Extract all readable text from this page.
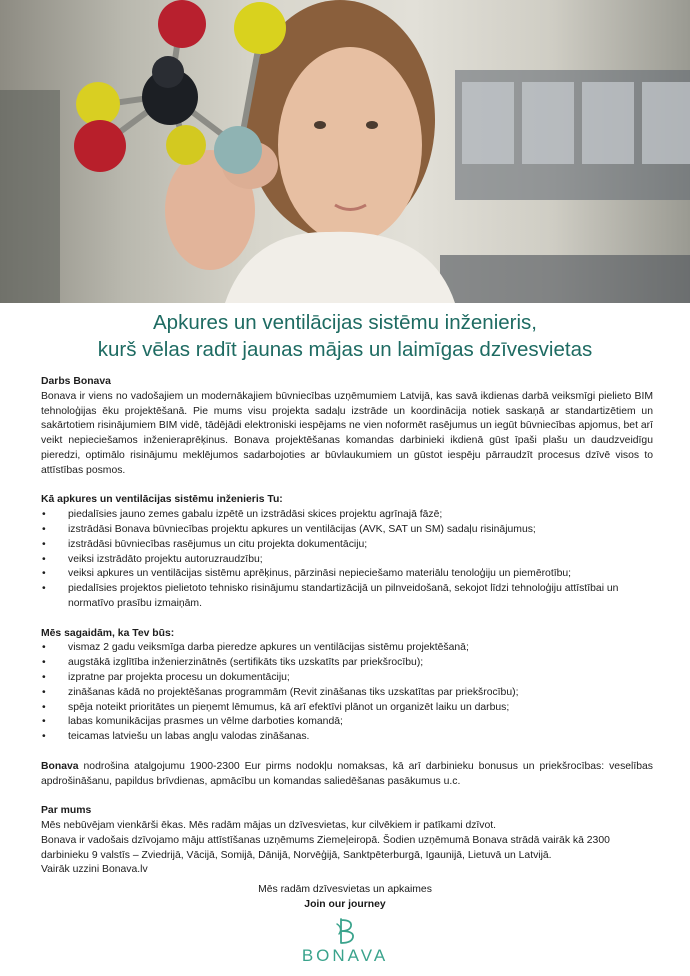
Apkures un ventilācijas sistēmu inženieris,
kurš vēlas radīt jaunas mājas un laimīgas dzīvesvietas
Darbs Bonava
Bonava ir viens no vadošajiem un modernākajiem būvniecības uzņēmumiem Latvijā, kas savā ikdienas darbā veiksmīgi pielieto BIM tehnoloģijas ēku projektēšanā. Pie mums visu projekta sadaļu izstrāde un koordinācija notiek saskaņā ar standartizētiem un sakārtotiem risinājumiem BIM vidē, tādējādi elektroniski iespējams ne vien noformēt rasējumus un iegūt būvniecības apjomus, bet arī veikt nepieciešamos inženieraprēķinus. Bonava projektēšanas komandas darbinieki ikdienā gūst īpaši plašu un daudzveidīgu pieredzi, optimālo risinājumu meklējumos sadarbojoties ar būvlaukumiem un gūstot iespēju pārraudzīt procesus dzīvē visos to attīstības posmos.
Kā apkures un ventilācijas sistēmu inženieris Tu:
• piedalīsies jauno zemes gabalu izpētē un izstrādāsi skices projektu agrīnajā fāzē;
• izstrādāsi Bonava būvniecības projektu apkures un ventilācijas (AVK, SAT un SM) sadaļu risinājumus;
• izstrādāsi būvniecības rasējumus un citu projekta dokumentāciju;
• veiksi izstrādāto projektu autoruzraudzību;
• veiksi apkures un ventilācijas sistēmu aprēķinus, pārzināsi nepieciešamo materiālu tenoloģiju un piemērotību;
• piedalīsies projektos pielietoto tehnisko risinājumu standartizācijā un pilnveidošanā, sekojot līdzi tehnoloģiju attīstībai un normatīvo prasību izmaiņām.
Mēs sagaidām, ka Tev būs:
• vismaz 2 gadu veiksmīga darba pieredze apkures un ventilācijas sistēmu projektēšanā;
• augstākā izglītība inženierzinātnēs (sertifikāts tiks uzskatīts par priekšrocību);
• izpratne par projekta procesu un dokumentāciju;
• zināšanas kādā no projektēšanas programmām (Revit zināšanas tiks uzskatītas par priekšrocību);
• spēja noteikt prioritātes un pieņemt lēmumus, kā arī efektīvi plānot un organizēt laiku un darbus;
• labas komunikācijas prasmes un vēlme darboties komandā;
• teicamas latviešu un labas angļu valodas zināšanas.
Bonava nodrošina atalgojumu 1900-2300 Eur pirms nodokļu nomaksas, kā arī darbinieku bonusus un priekšrocības: veselības apdrošināšanu, papildus brīvdienas, apmācību un komandas saliedēšanas pasākumus u.c.
Par mums
Mēs nebūvējam vienkārši ēkas. Mēs radām mājas un dzīvesvietas, kur cilvēkiem ir patīkami dzīvot.
Bonava ir vadošais dzīvojamo māju attīstīšanas uzņēmums Ziemeļeiropā. Šodien uzņēmumā Bonava strādā vairāk kā 2300 darbinieku 9 valstīs – Zviedrijā, Vācijā, Somijā, Dānijā, Norvēģijā, Sanktpēterburgā, Igaunijā, Lietuvā un Latvijā.
Vairāk uzzini Bonava.lv
Mēs radām dzīvesvietas un apkaimes
Join our journey
BONAVA
